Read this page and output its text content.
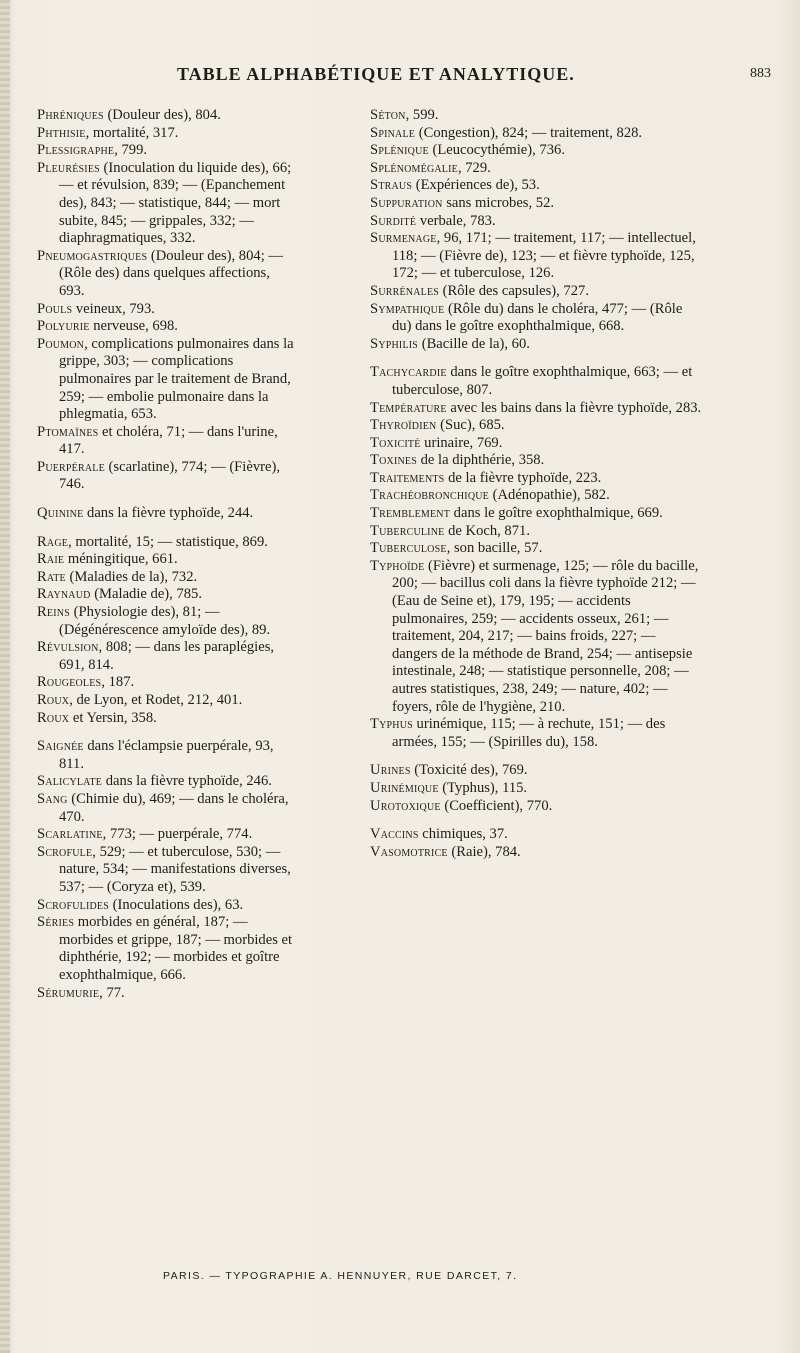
TABLE ALPHABÉTIQUE ET ANALYTIQUE.	883

Phréniques (Douleur des), 804.

Phthisie, mortalité, 317.

Plessigraphe, 799.

Pleurésies (Inoculation du liquide des), 66; — et révulsion, 839; — (Epanchement des), 843; — statistique, 844; — mort subite, 845; — grippales, 332; — diaphragmatiques, 332.

Pneumogastriques (Douleur des), 804; — (Rôle des) dans quelques affections, 693.

Pouls veineux, 793.

Polyurie nerveuse, 698.

Poumon, complications pulmonaires dans la grippe, 303; — complications pulmonaires par le traitement de Brand, 259; — embolie pulmonaire dans la phlegmatia, 653.

Ptomaïnes et choléra, 71; — dans l'urine, 417.

Puerpérale (scarlatine), 774; — (Fièvre), 746.

Quinine dans la fièvre typhoïde, 244.

Rage, mortalité, 15; — statistique, 869.

Raie méningitique, 661.

Rate (Maladies de la), 732.

Raynaud (Maladie de), 785.

Reins (Physiologie des), 81; — (Dégénérescence amyloïde des), 89.

Révulsion, 808; — dans les paraplégies, 691, 814.

Rougeoles, 187.

Roux, de Lyon, et Rodet, 212, 401.

Roux et Yersin, 358.

Saignée dans l'éclampsie puerpérale, 93, 811.

Salicylate dans la fièvre typhoïde, 246.

Sang (Chimie du), 469; — dans le choléra, 470.

Scarlatine, 773; — puerpérale, 774.

Scrofule, 529; — et tuberculose, 530; — nature, 534; — manifestations diverses, 537; — (Coryza et), 539.

Scrofulides (Inoculations des), 63.

Séries morbides en général, 187; — morbides et grippe, 187; — morbides et diphthérie, 192; — morbides et goître exophthalmique, 666.

Sérumurie, 77.

Séton, 599.

Spinale (Congestion), 824; — traitement, 828.

Splénique (Leucocythémie), 736.

Splénomégalie, 729.

Straus (Expériences de), 53.

Suppuration sans microbes, 52.

Surdité verbale, 783.

Surmenage, 96, 171; — traitement, 117; — intellectuel, 118; — (Fièvre de), 123; — et fièvre typhoïde, 125, 172; — et tuberculose, 126.

Surrénales (Rôle des capsules), 727.

Sympathique (Rôle du) dans le choléra, 477; — (Rôle du) dans le goître exophthalmique, 668.

Syphilis (Bacille de la), 60.

Tachycardie dans le goître exophthalmique, 663; — et tuberculose, 807.

Température avec les bains dans la fièvre typhoïde, 283.

Thyroïdien (Suc), 685.

Toxicité urinaire, 769.

Toxines de la diphthérie, 358.

Traitements de la fièvre typhoïde, 223.

Trachéobronchique (Adénopathie), 582.

Tremblement dans le goître exophthalmique, 669.

Tuberculine de Koch, 871.

Tuberculose, son bacille, 57.

Typhoïde (Fièvre) et surmenage, 125; — rôle du bacille, 200; — bacillus coli dans la fièvre typhoïde 212; — (Eau de Seine et), 179, 195; — accidents pulmonaires, 259; — accidents osseux, 261; — traitement, 204, 217; — bains froids, 227; — dangers de la méthode de Brand, 254; — antisepsie intestinale, 248; — statistique personnelle, 208; — autres statistiques, 238, 249; — nature, 402; — foyers, rôle de l'hygiène, 210.

Typhus urinémique, 115; — à rechute, 151; — des armées, 155; — (Spirilles du), 158.

Urines (Toxicité des), 769.

Urinémique (Typhus), 115.

Urotoxique (Coefficient), 770.

Vaccins chimiques, 37.

Vasomotrice (Raie), 784.

PARIS. — TYPOGRAPHIE A. HENNUYER, RUE DARCET, 7.
